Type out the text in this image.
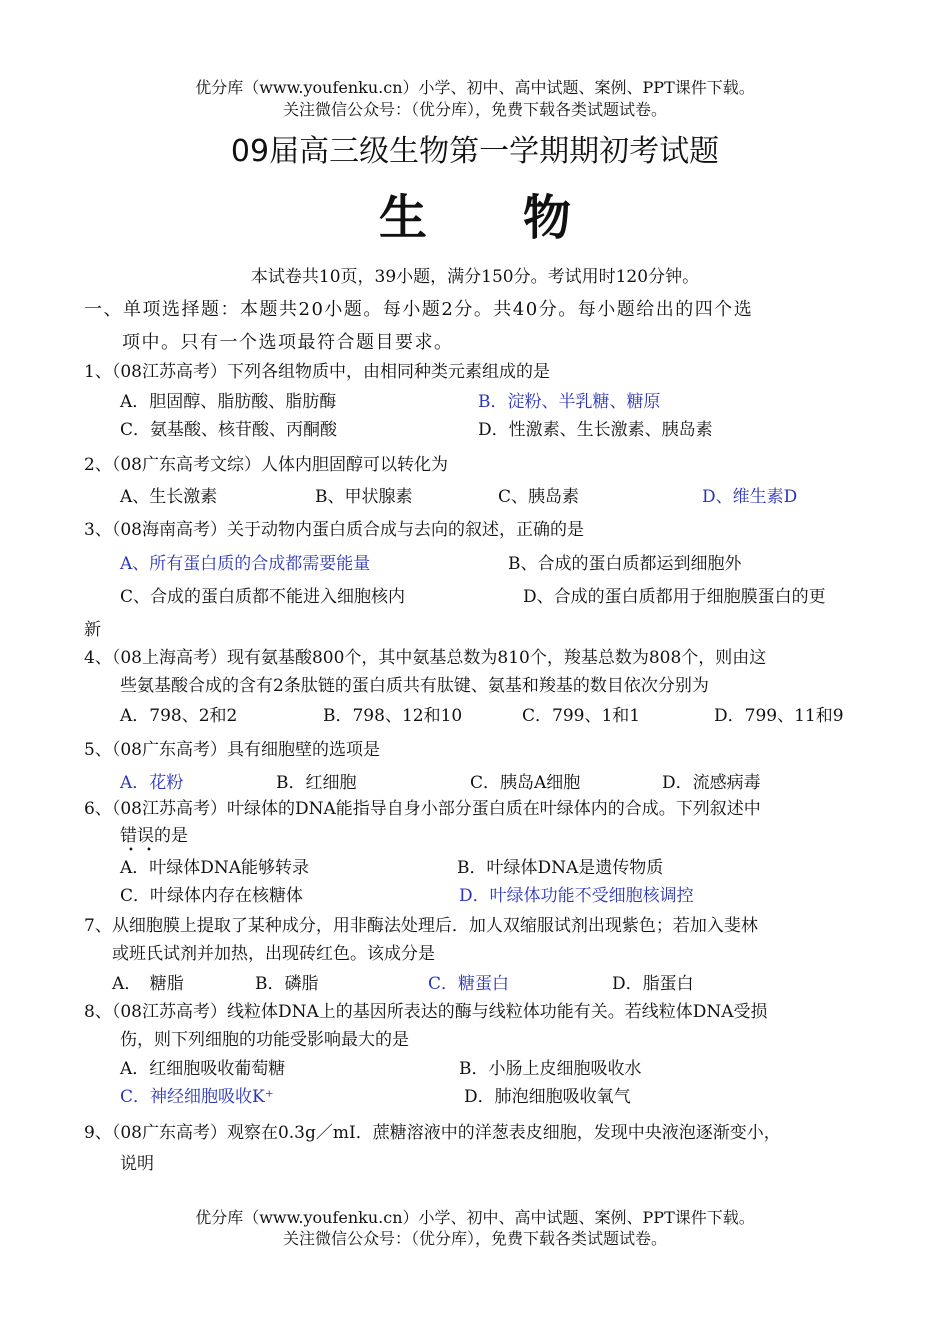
优分库（www.youfenku.cn）小学、初中、高中试题、案例、PPT课件下载。
关注微信公众号：（优分库），免费下载各类试题试卷。
09届高三级生物第一学期期初考试题
生　　物
本试卷共10页，39小题，满分150分。考试用时120分钟。
一、单项选择题：本题共20小题。每小题2分。共40分。每小题给出的四个选
项中。只有一个选项最符合题目要求。
1、（08江苏高考）下列各组物质中，由相同种类元素组成的是
A．胆固醇、脂肪酸、脂肪酶	B．淀粉、半乳糖、糖原
C．氨基酸、核苷酸、丙酮酸	D．性激素、生长激素、胰岛素
2、（08广东高考文综）人体内胆固醇可以转化为
A、生长激素	B、甲状腺素	C、胰岛素	D、维生素D
3、（08海南高考）关于动物内蛋白质合成与去向的叙述，正确的是
A、所有蛋白质的合成都需要能量	B、合成的蛋白质都运到细胞外
C、合成的蛋白质都不能进入细胞核内	D、合成的蛋白质都用于细胞膜蛋白的更
新
4、（08上海高考）现有氨基酸800个，其中氨基总数为810个，羧基总数为808个，则由这
些氨基酸合成的含有2条肽链的蛋白质共有肽键、氨基和羧基的数目依次分别为
A．798、2和2	B．798、12和10	C．799、1和1	D．799、11和9
5、（08广东高考）具有细胞壁的选项是
A．花粉	B．红细胞	C．胰岛A细胞	D．流感病毒
6、（08江苏高考）叶绿体的DNA能指导自身小部分蛋白质在叶绿体内的合成。下列叙述中
错误的是
• •
A．叶绿体DNA能够转录	B．叶绿体DNA是遗传物质
C．叶绿体内存在核糖体	D．叶绿体功能不受细胞核调控
7、从细胞膜上提取了某种成分，用非酶法处理后．加人双缩服试剂出现紫色；若加入斐林
或班氏试剂并加热，出现砖红色。该成分是
A．　糖脂	B．磷脂	C．糖蛋白	D．脂蛋白
8、（08江苏高考）线粒体DNA上的基因所表达的酶与线粒体功能有关。若线粒体DNA受损
伤，则下列细胞的功能受影响最大的是
A．红细胞吸收葡萄糖	B．小肠上皮细胞吸收水
C．神经细胞吸收K⁺	D．肺泡细胞吸收氧气
9、（08广东高考）观察在0.3g／mI．蔗糖溶液中的洋葱表皮细胞，发现中央液泡逐渐变小，
说明
优分库（www.youfenku.cn）小学、初中、高中试题、案例、PPT课件下载。
关注微信公众号：（优分库），免费下载各类试题试卷。
